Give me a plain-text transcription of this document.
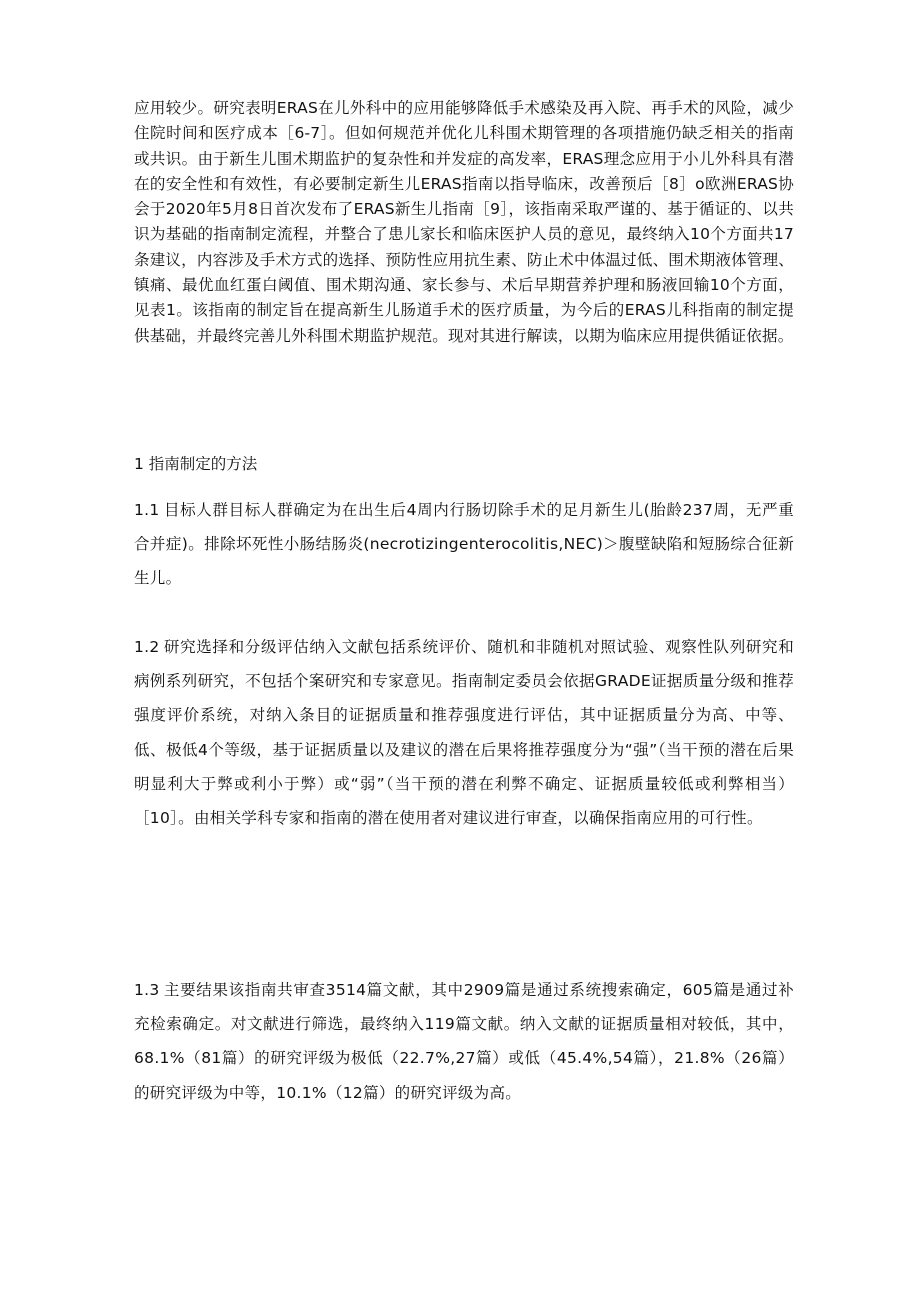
应用较少。研究表明ERAS在儿外科中的应用能够降低手术感染及再入院、再手术的风险，减少住院时间和医疗成本［6-7］。但如何规范并优化儿科围术期管理的各项措施仍缺乏相关的指南或共识。由于新生儿围术期监护的复杂性和并发症的高发率，ERAS理念应用于小儿外科具有潜在的安全性和有效性，有必要制定新生儿ERAS指南以指导临床，改善预后［8］o欧洲ERAS协会于2020年5月8日首次发布了ERAS新生儿指南［9］，该指南采取严谨的、基于循证的、以共识为基础的指南制定流程，并整合了患儿家长和临床医护人员的意见，最终纳入10个方面共17条建议，内容涉及手术方式的选择、预防性应用抗生素、防止术中体温过低、围术期液体管理、镇痛、最优血红蛋白阈值、围术期沟通、家长参与、术后早期营养护理和肠液回输10个方面，见表1。该指南的制定旨在提高新生儿肠道手术的医疗质量，为今后的ERAS儿科指南的制定提供基础，并最终完善儿外科围术期监护规范。现对其进行解读，以期为临床应用提供循证依据。

1 指南制定的方法

1.1 目标人群目标人群确定为在出生后4周内行肠切除手术的足月新生儿(胎龄237周，无严重合并症)。排除坏死性小肠结肠炎(necrotizingenterocolitis,NEC)＞腹壁缺陷和短肠综合征新生儿。

1.2 研究选择和分级评估纳入文献包括系统评价、随机和非随机对照试验、观察性队列研究和病例系列研究，不包括个案研究和专家意见。指南制定委员会依据GRADE证据质量分级和推荐强度评价系统，对纳入条目的证据质量和推荐强度进行评估，其中证据质量分为高、中等、低、极低4个等级，基于证据质量以及建议的潜在后果将推荐强度分为“强”（当干预的潜在后果明显利大于弊或利小于弊）或“弱”（当干预的潜在利弊不确定、证据质量较低或利弊相当）［10］。由相关学科专家和指南的潜在使用者对建议进行审查，以确保指南应用的可行性。

1.3 主要结果该指南共审查3514篇文献，其中2909篇是通过系统搜索确定，605篇是通过补充检索确定。对文献进行筛选，最终纳入119篇文献。纳入文献的证据质量相对较低，其中，68.1%（81篇）的研究评级为极低（22.7%,27篇）或低（45.4%,54篇），21.8%（26篇）的研究评级为中等，10.1%（12篇）的研究评级为高。
